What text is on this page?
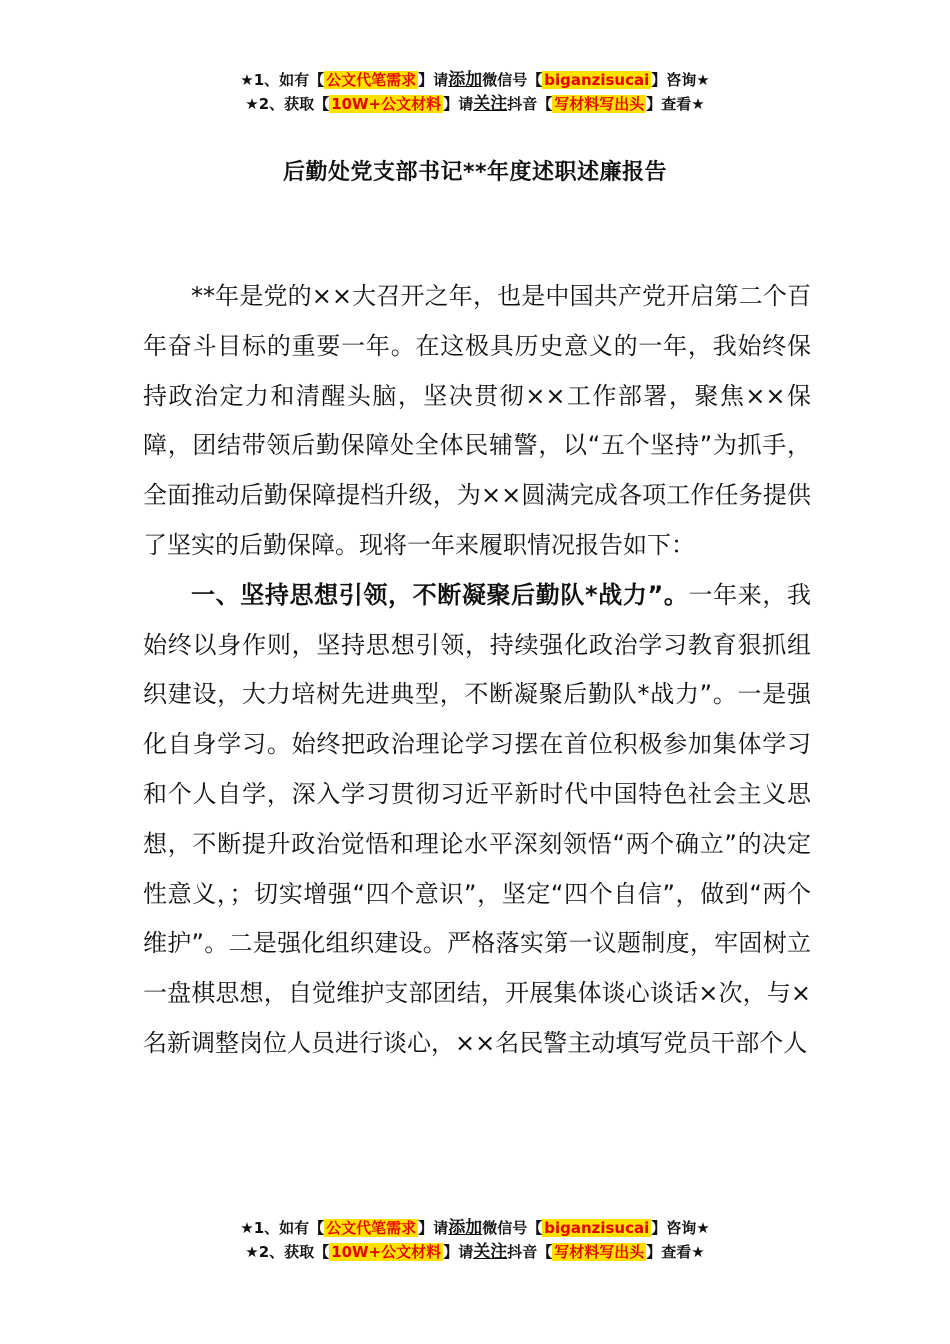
★1、如有【 公文代笔需求 】请添加微信号【 biganzisucai 】咨询★
★2、获取【 10W+公文材料 】请关注抖音【 写材料写出头 】查看★
后勤处党支部书记**年度述职述廉报告

**年是党的××大召开之年，也是中国共产党开启第二个百年奋斗目标的重要一年。在这极具历史意义的一年，我始终保持政治定力和清醒头脑，坚决贯彻××工作部署，聚焦××保障，团结带领后勤保障处全体民辅警，以“五个坚持”为抓手，全面推动后勤保障提档升级，为××圆满完成各项工作任务提供了坚实的后勤保障。现将一年来履职情况报告如下：

一、坚持思想引领，不断凝聚后勤队*战力”。一年来，我始终以身作则，坚持思想引领，持续强化政治学习教育狠抓组织建设，大力培树先进典型，不断凝聚后勤队*战力”。一是强化自身学习。始终把政治理论学习摆在首位积极参加集体学习和个人自学，深入学习贯彻习近平新时代中国特色社会主义思想，不断提升政治觉悟和理论水平深刻领悟“两个确立”的决定性意义，；切实增强“四个意识”，坚定“四个自信”，做到“两个维护”。二是强化组织建设。严格落实第一议题制度，牢固树立一盘棋思想，自觉维护支部团结，开展集体谈心谈话×次，与×名新调整岗位人员进行谈心，××名民警主动填写党员干部个人

★1、如有【 公文代笔需求 】请添加微信号【 biganzisucai 】咨询★
★2、获取【 10W+公文材料 】请关注抖音【 写材料写出头 】查看★
